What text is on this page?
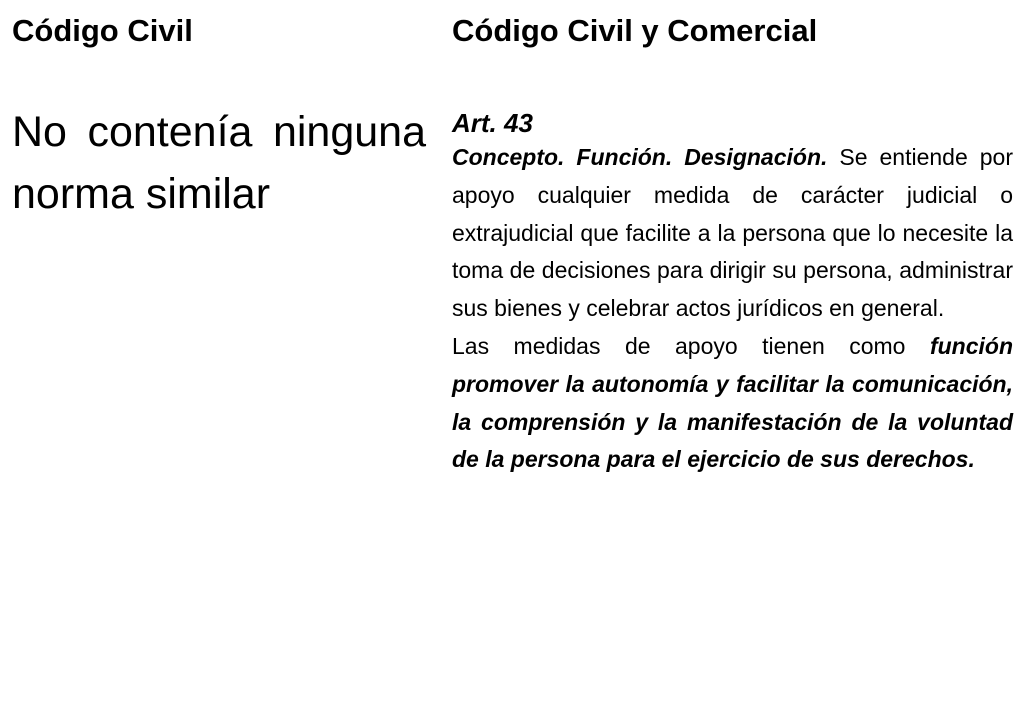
Código Civil
No contenía ninguna norma similar
Código Civil y Comercial
Art. 43

Concepto. Función. Designación. Se entiende por apoyo cualquier medida de carácter judicial o extrajudicial que facilite a la persona que lo necesite la toma de decisiones para dirigir su persona, administrar sus bienes y celebrar actos jurídicos en general.

Las medidas de apoyo tienen como función promover la autonomía y facilitar la comunicación, la comprensión y la manifestación de la voluntad de la persona para el ejercicio de sus derechos.
